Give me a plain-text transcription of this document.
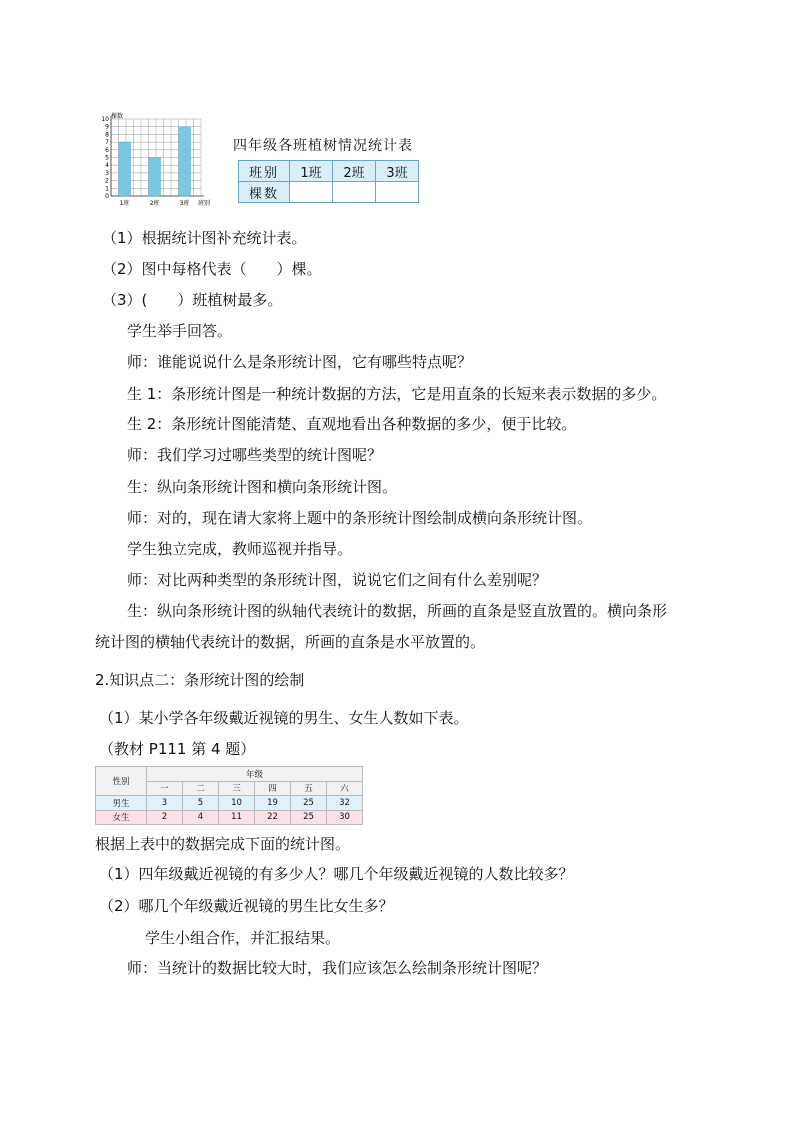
棵数
0
1
2
3
4
5
6
7
8
9
10
1班	2班	3班 班别
四年级各班植树情况统计表
班别	1班	2班	3班
棵数			
（1）根据统计图补充统计表。
（2）图中每格代表（　　）棵。
（3）(　　）班植树最多。
学生举手回答。
师：谁能说说什么是条形统计图，它有哪些特点呢？
生 1：条形统计图是一种统计数据的方法，它是用直条的长短来表示数据的多少。
生 2：条形统计图能清楚、直观地看出各种数据的多少，便于比较。
师：我们学习过哪些类型的统计图呢？
生：纵向条形统计图和横向条形统计图。
师：对的，现在请大家将上题中的条形统计图绘制成横向条形统计图。
学生独立完成，教师巡视并指导。
师：对比两种类型的条形统计图，说说它们之间有什么差别呢？
生：纵向条形统计图的纵轴代表统计的数据，所画的直条是竖直放置的。横向条形
统计图的横轴代表统计的数据，所画的直条是水平放置的。
2.知识点二：条形统计图的绘制
（1）某小学各年级戴近视镜的男生、女生人数如下表。
（教材 P111 第 4 题）
性别	年级					
	一	二	三	四	五	六
男生	3	5	10	19	25	32
女生	2	4	11	22	25	30
根据上表中的数据完成下面的统计图。
（1）四年级戴近视镜的有多少人？哪几个年级戴近视镜的人数比较多？
（2）哪几个年级戴近视镜的男生比女生多？
学生小组合作，并汇报结果。
师：当统计的数据比较大时，我们应该怎么绘制条形统计图呢？
